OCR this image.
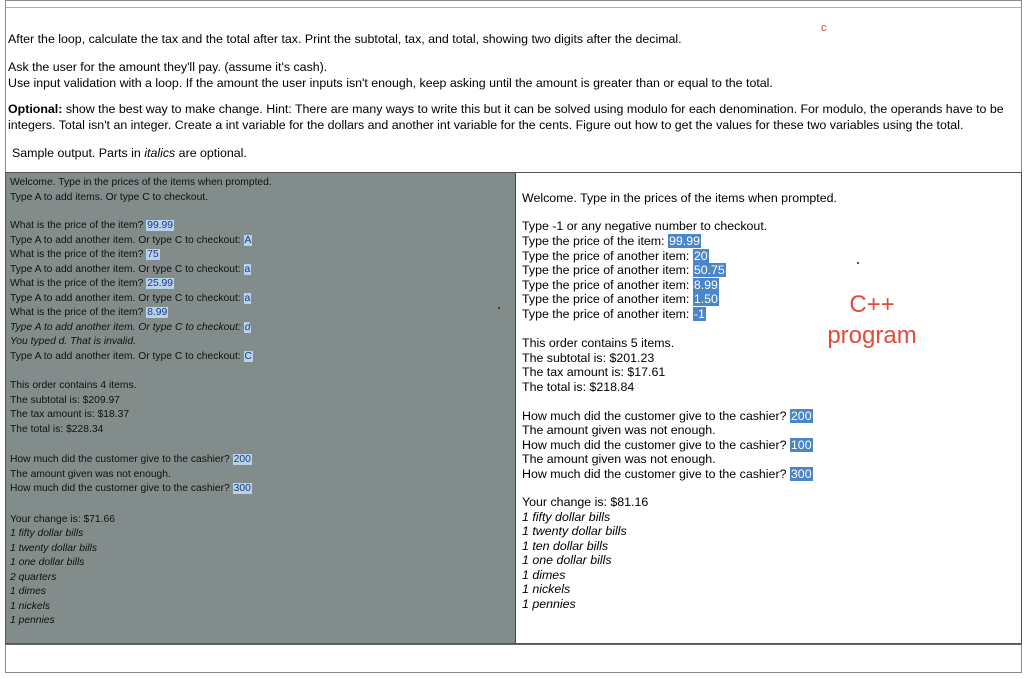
c

After the loop, calculate the tax and the total after tax. Print the subtotal, tax, and total, showing two digits after the decimal.

Ask the user for the amount they'll pay. (assume it's cash).
Use input validation with a loop. If the amount the user inputs isn't enough, keep asking until the amount is greater than or equal to the total.

Optional: show the best way to make change. Hint: There are many ways to write this but it can be solved using modulo for each denomination. For modulo, the operands have to be integers. Total isn't an integer. Create a int variable for the dollars and another int variable for the cents. Figure out how to get the values for these two variables using the total.

Sample output. Parts in italics are optional.

Welcome. Type in the prices of the items when prompted.
Type A to add items. Or type C to checkout.
What is the price of the item? 99.99
Type A to add another item. Or type C to checkout: A
What is the price of the item? 75
Type A to add another item. Or type C to checkout: a
What is the price of the item? 25.99
Type A to add another item. Or type C to checkout: a
What is the price of the item? 8.99
Type A to add another item. Or type C to checkout: d
You typed d. That is invalid.
Type A to add another item. Or type C to checkout: C
This order contains 4 items.
The subtotal is: $209.97
The tax amount is: $18.37
The total is: $228.34
How much did the customer give to the cashier? 200
The amount given was not enough.
How much did the customer give to the cashier? 300
Your change is: $71.66
1 fifty dollar bills
1 twenty dollar bills
1 one dollar bills
2 quarters
1 dimes
1 nickels
1 pennies
Welcome. Type in the prices of the items when prompted.
Type -1 or any negative number to checkout.
Type the price of the item: 99.99
Type the price of another item: 20
Type the price of another item: 50.75
Type the price of another item: 8.99
Type the price of another item: 1.50
Type the price of another item: -1
This order contains 5 items.
The subtotal is: $201.23
The tax amount is: $17.61
The total is: $218.84
How much did the customer give to the cashier? 200
The amount given was not enough.
How much did the customer give to the cashier? 100
The amount given was not enough.
How much did the customer give to the cashier? 300
Your change is: $81.16
1 fifty dollar bills
1 twenty dollar bills
1 ten dollar bills
1 one dollar bills
1 dimes
1 nickels
1 pennies
C++
program
